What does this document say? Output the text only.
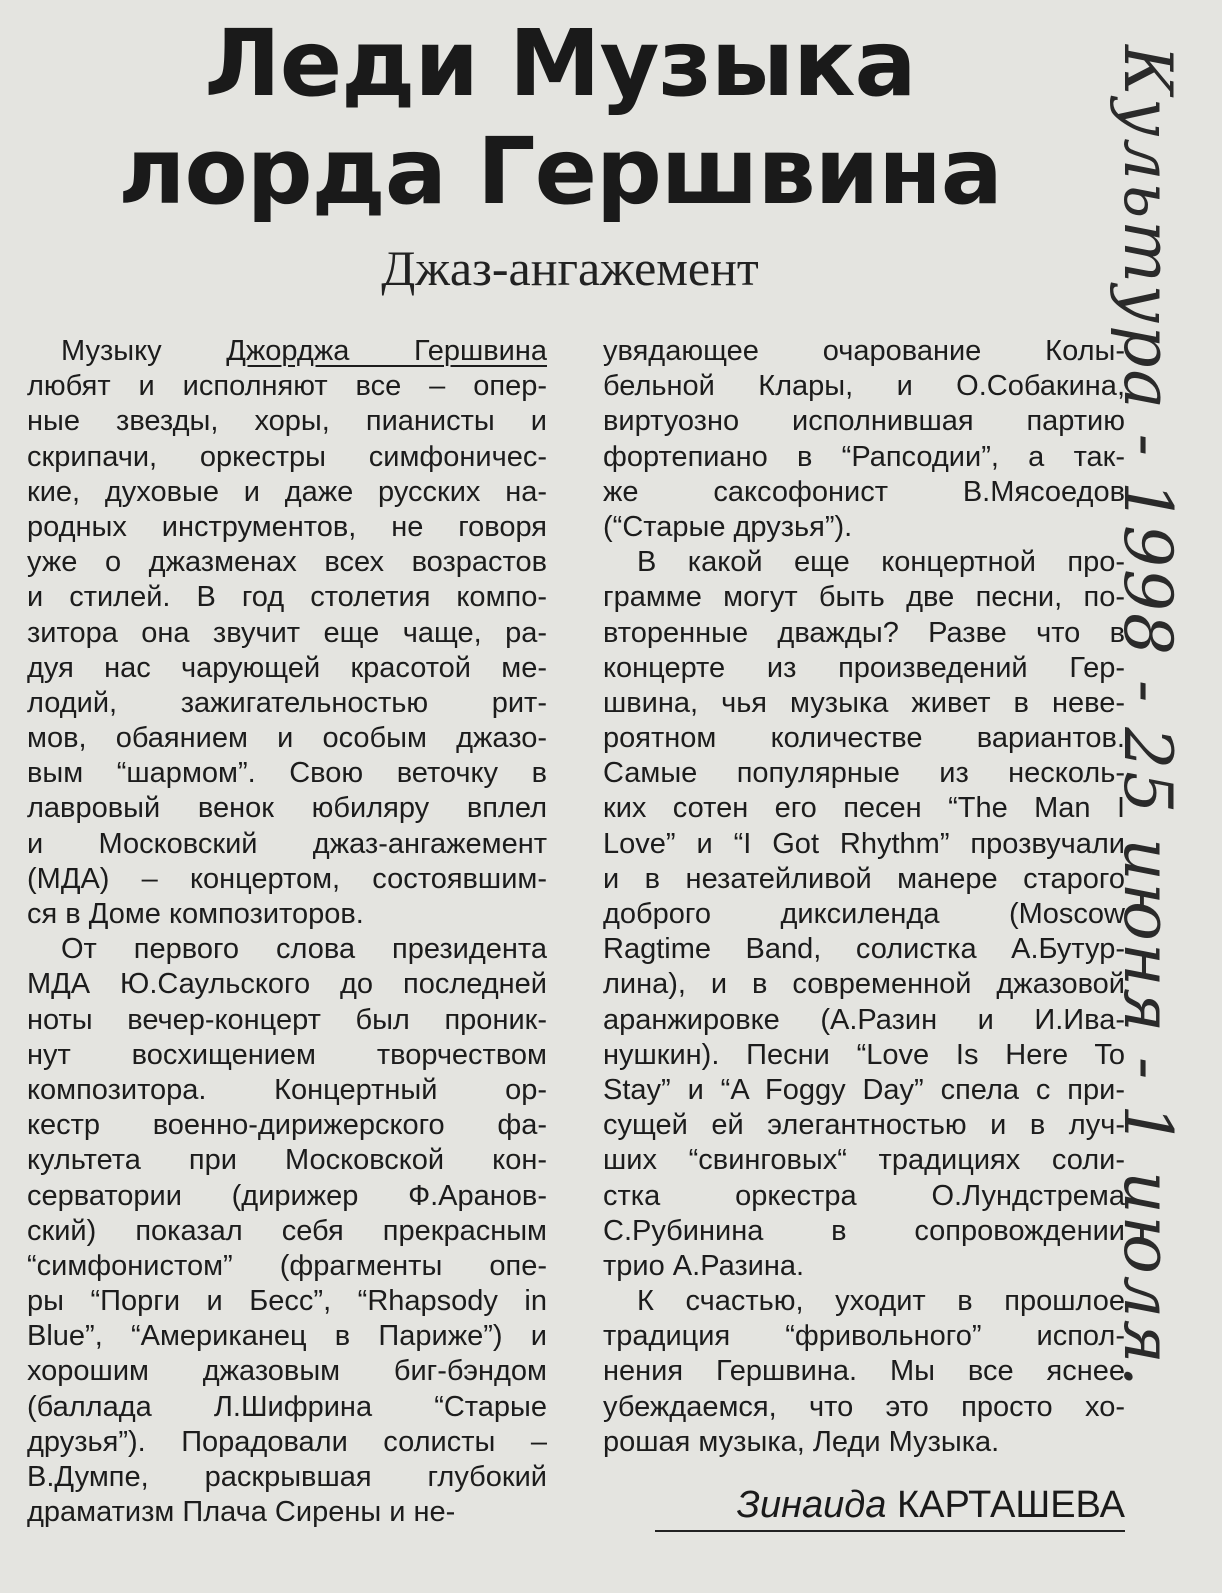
Леди Музыка
лорда Гершвина
Джаз-ангажемент
Музыку Джорджа Гершвина
любят и исполняют все – опер-
ные звезды, хоры, пианисты и
скрипачи, оркестры симфоничес-
кие, духовые и даже русских на-
родных инструментов, не говоря
уже о джазменах всех возрастов
и стилей. В год столетия компо-
зитора она звучит еще чаще, ра-
дуя нас чарующей красотой ме-
лодий, зажигательностью рит-
мов, обаянием и особым джазо-
вым “шармом”. Свою веточку в
лавровый венок юбиляру вплел
и Московский джаз-ангажемент
(МДА) – концертом, состоявшим-
ся в Доме композиторов.
От первого слова президента
МДА Ю.Саульского до последней
ноты вечер-концерт был проник-
нут восхищением творчеством
композитора. Концертный ор-
кестр военно-дирижерского фа-
культета при Московской кон-
серватории (дирижер Ф.Аранов-
ский) показал себя прекрасным
“симфонистом” (фрагменты опе-
ры “Порги и Бесс”, “Rhapsody in
Blue”, “Американец в Париже”) и
хорошим джазовым биг-бэндом
(баллада Л.Шифрина “Старые
друзья”). Порадовали солисты –
В.Думпе, раскрывшая глубокий
драматизм Плача Сирены и не-
увядающее очарование Колы-
бельной Клары, и О.Собакина,
виртуозно исполнившая партию
фортепиано в “Рапсодии”, а так-
же саксофонист В.Мясоедов
(“Старые друзья”).
В какой еще концертной про-
грамме могут быть две песни, по-
вторенные дважды? Разве что в
концерте из произведений Гер-
швина, чья музыка живет в неве-
роятном количестве вариантов.
Самые популярные из несколь-
ких сотен его песен “The Man I
Love” и “I Got Rhythm” прозвучали
и в незатейливой манере старого
доброго диксиленда (Moscow
Ragtime Band, солистка А.Бутур-
лина), и в современной джазовой
аранжировке (А.Разин и И.Ива-
нушкин). Песни “Love Is Here To
Stay” и “A Foggy Day” спела с при-
сущей ей элегантностью и в луч-
ших “свинговых“ традициях соли-
стка оркестра О.Лундстрема
С.Рубинина в сопровождении
трио А.Разина.
К счастью, уходит в прошлое
традиция “фривольного” испол-
нения Гершвина. Мы все яснее
убеждаемся, что это просто хо-
рошая музыка, Леди Музыка.
Зинаида КАРТАШЕВА
Культура - 1998 - 25 июня - 1 июля.
